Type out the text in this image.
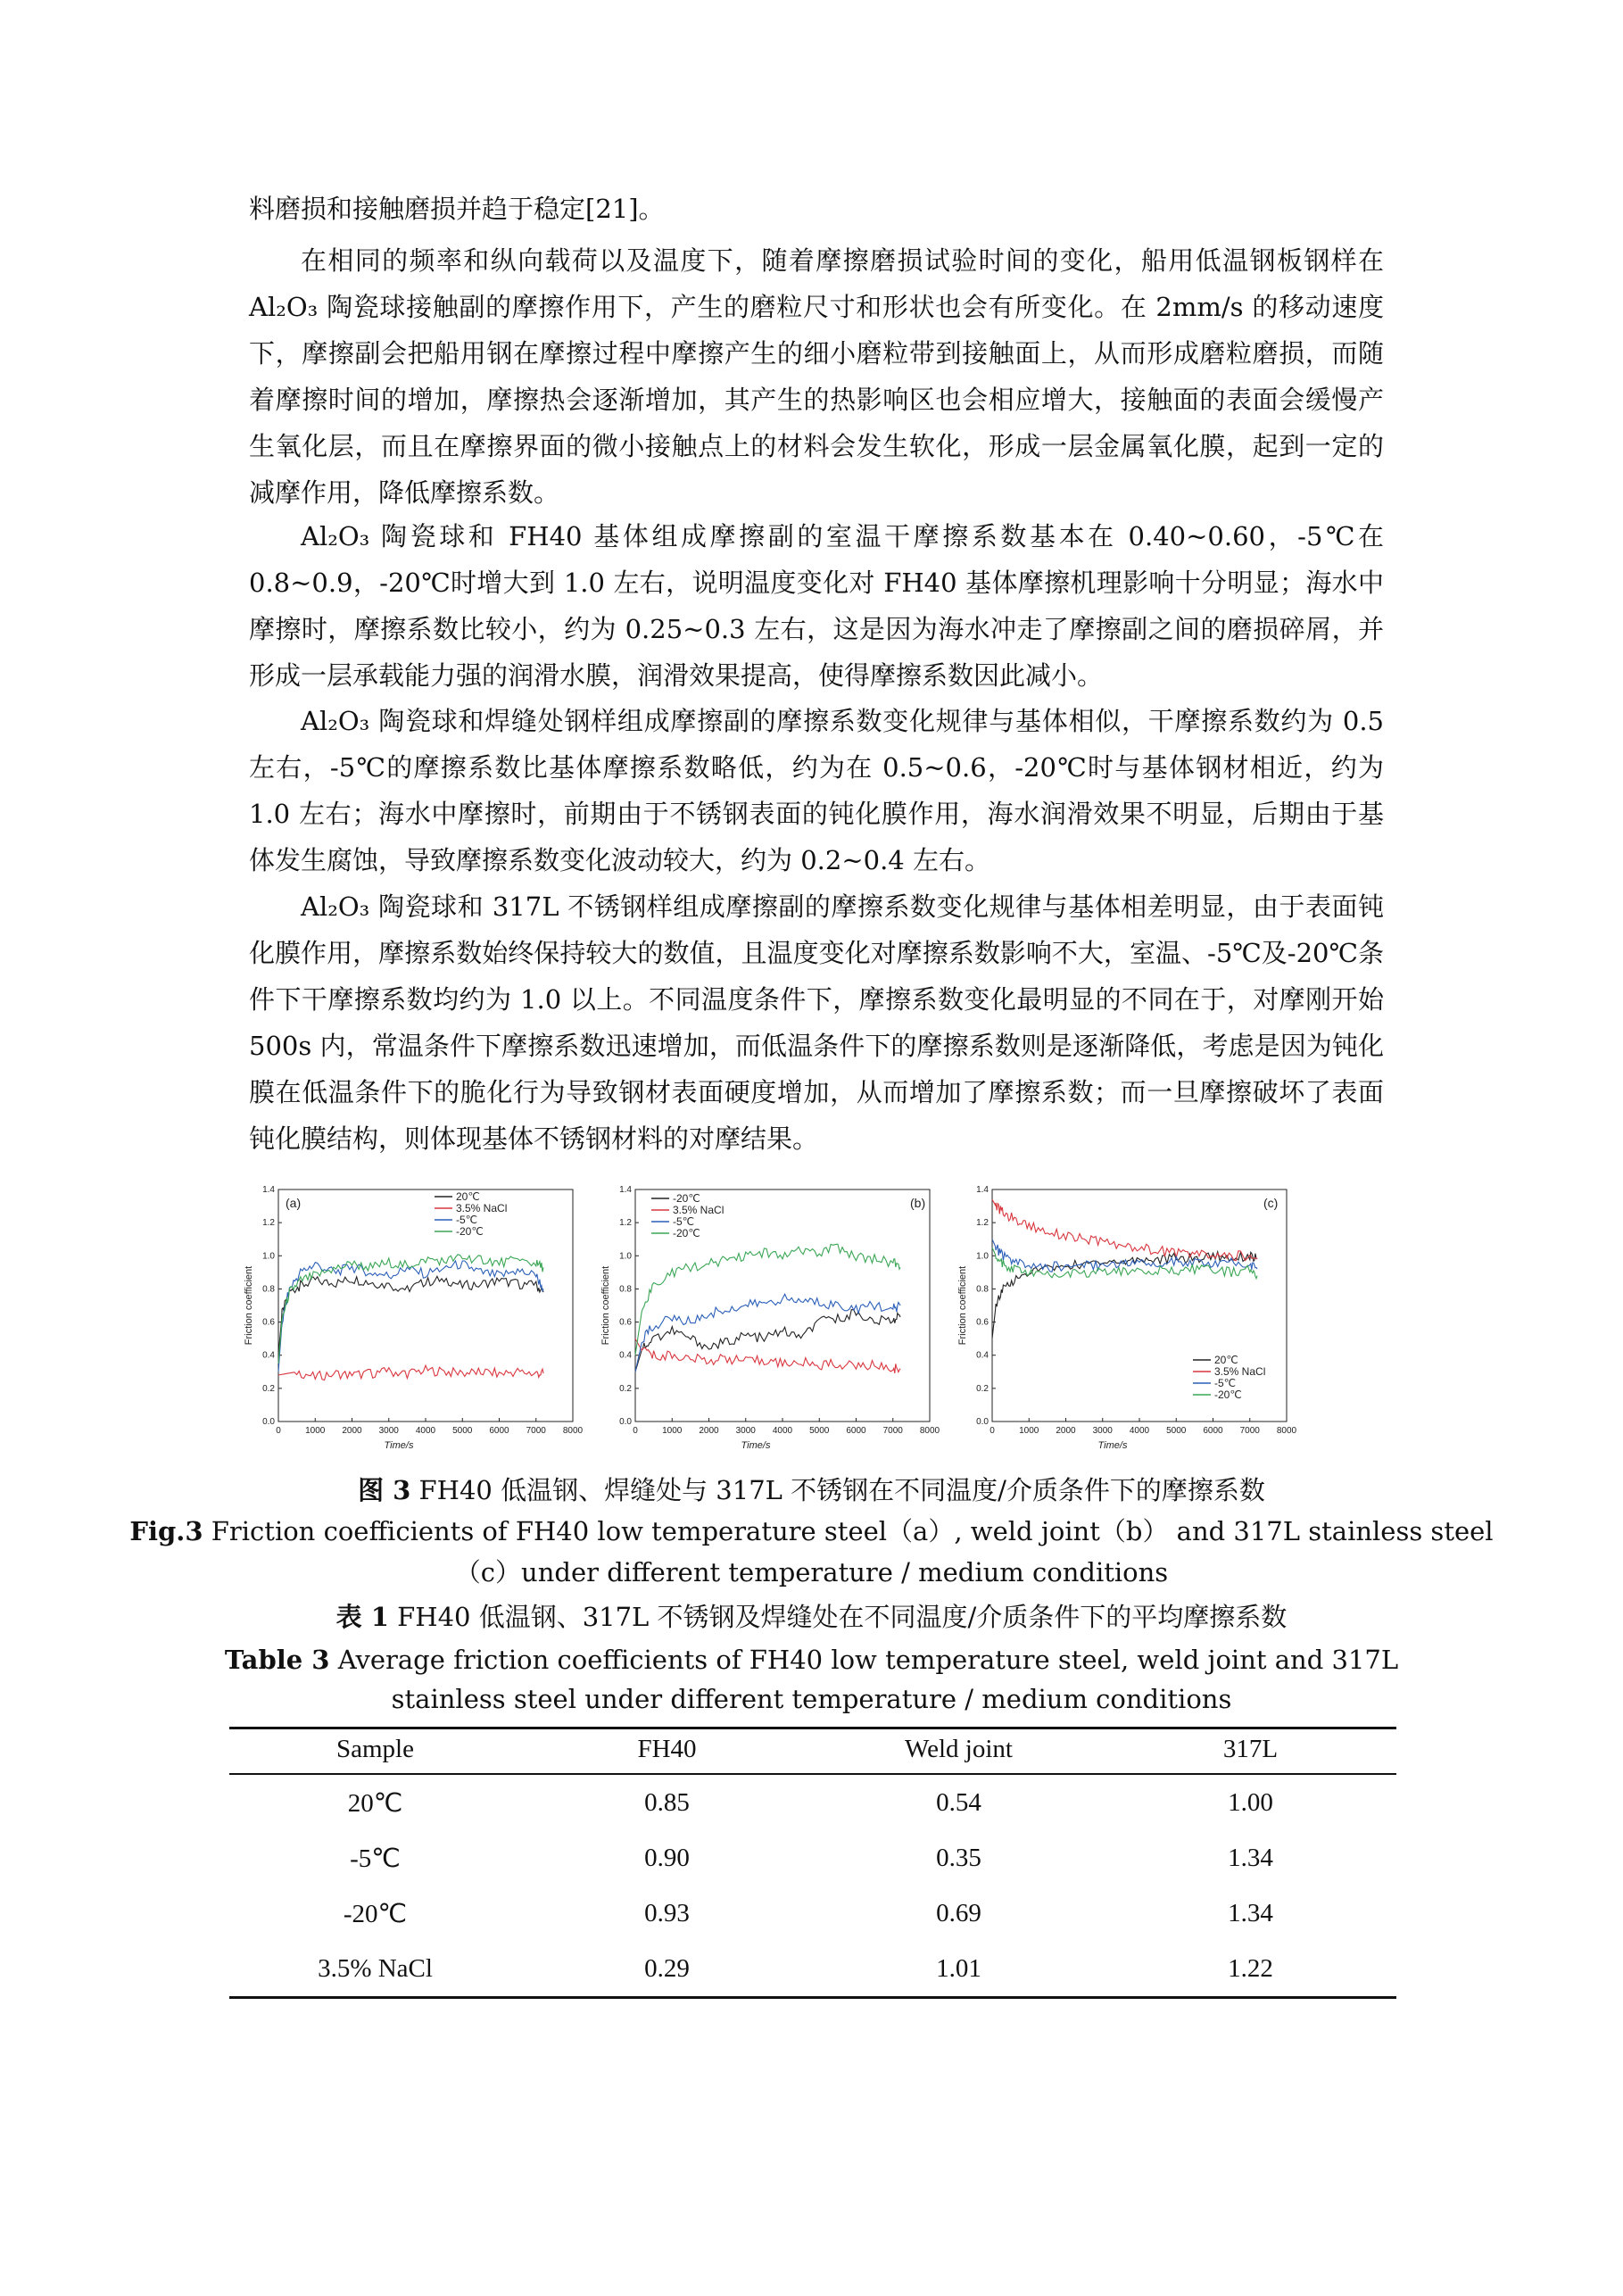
料磨损和接触磨损并趋于稳定[21]。

在相同的频率和纵向载荷以及温度下，随着摩擦磨损试验时间的变化，船用低温钢板钢样在 Al₂O₃ 陶瓷球接触副的摩擦作用下，产生的磨粒尺寸和形状也会有所变化。在 2mm/s 的移动速度下，摩擦副会把船用钢在摩擦过程中摩擦产生的细小磨粒带到接触面上，从而形成磨粒磨损，而随着摩擦时间的增加，摩擦热会逐渐增加，其产生的热影响区也会相应增大，接触面的表面会缓慢产生氧化层，而且在摩擦界面的微小接触点上的材料会发生软化，形成一层金属氧化膜，起到一定的减摩作用，降低摩擦系数。

Al₂O₃ 陶瓷球和 FH40 基体组成摩擦副的室温干摩擦系数基本在 0.40~0.60，-5℃在 0.8~0.9，-20℃时增大到 1.0 左右，说明温度变化对 FH40 基体摩擦机理影响十分明显；海水中摩擦时，摩擦系数比较小，约为 0.25~0.3 左右，这是因为海水冲走了摩擦副之间的磨损碎屑，并形成一层承载能力强的润滑水膜，润滑效果提高，使得摩擦系数因此减小。

Al₂O₃ 陶瓷球和焊缝处钢样组成摩擦副的摩擦系数变化规律与基体相似，干摩擦系数约为 0.5 左右，-5℃的摩擦系数比基体摩擦系数略低，约为在 0.5~0.6，-20℃时与基体钢材相近，约为 1.0 左右；海水中摩擦时，前期由于不锈钢表面的钝化膜作用，海水润滑效果不明显，后期由于基体发生腐蚀，导致摩擦系数变化波动较大，约为 0.2~0.4 左右。

Al₂O₃ 陶瓷球和 317L 不锈钢样组成摩擦副的摩擦系数变化规律与基体相差明显，由于表面钝化膜作用，摩擦系数始终保持较大的数值，且温度变化对摩擦系数影响不大，室温、-5℃及-20℃条件下干摩擦系数均约为 1.0 以上。不同温度条件下，摩擦系数变化最明显的不同在于，对摩刚开始 500s 内，常温条件下摩擦系数迅速增加，而低温条件下的摩擦系数则是逐渐降低，考虑是因为钝化膜在低温条件下的脆化行为导致钢材表面硬度增加，从而增加了摩擦系数；而一旦摩擦破坏了表面钝化膜结构，则体现基体不锈钢材料的对摩结果。

0	1000 2000 3000 4000 5000 6000 7000 8000
0.0
0.2
0.4
0.6
0.8
1.0
1.2
1.4
Time/s
Friction coefficient
20℃
3.5% NaCl
-5℃
-20℃
(a)
0	1000 2000 3000 4000 5000 6000 7000 8000
0.0
0.2
0.4
0.6
0.8
1.0
1.2
1.4
Time/s
Friction coefficient
-20℃
3.5% NaCl
-5℃
-20℃
(b)
0	1000 2000 3000 4000 5000 6000 7000 8000
0.0
0.2
0.4
0.6
0.8
1.0
1.2
1.4
Time/s
Friction coefficient
20℃
3.5% NaCl
-5℃
-20℃
(c)

图 3 FH40 低温钢、焊缝处与 317L 不锈钢在不同温度/介质条件下的摩擦系数

Fig.3 Friction coefficients of FH40 low temperature steel（a）, weld joint（b） and 317L stainless steel

（c）under different temperature / medium conditions

表 1 FH40 低温钢、317L 不锈钢及焊缝处在不同温度/介质条件下的平均摩擦系数

Table 3 Average friction coefficients of FH40 low temperature steel, weld joint and 317L

stainless steel under different temperature / medium conditions

Sample	FH40	Weld joint	317L
20℃	0.85	0.54	1.00
-5℃	0.90	0.35	1.34
-20℃	0.93	0.69	1.34
3.5% NaCl	0.29	1.01	1.22
